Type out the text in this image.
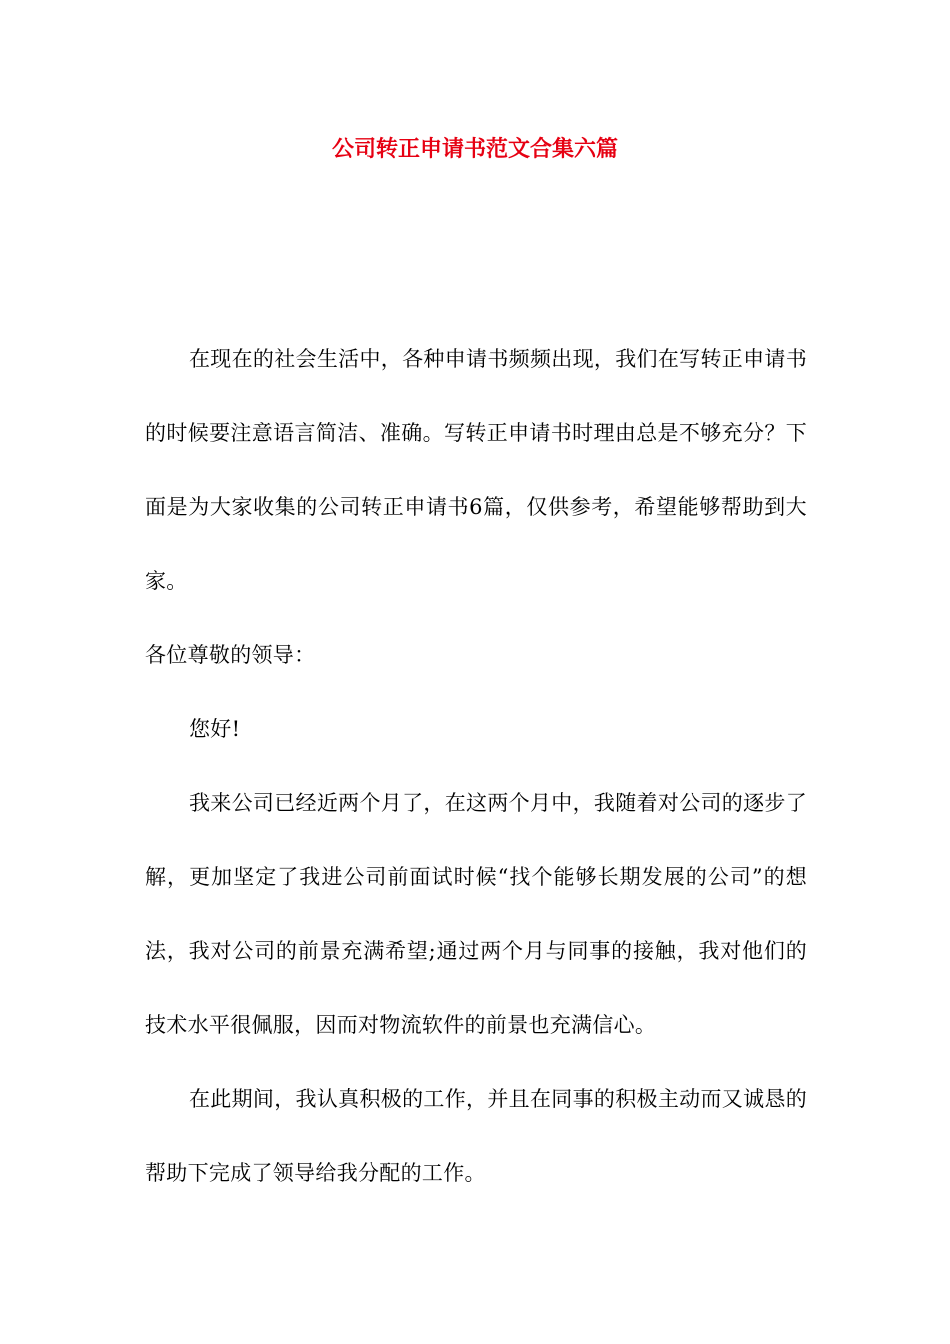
公司转正申请书范文合集六篇

在现在的社会生活中，各种申请书频频出现，我们在写转正申请书的时候要注意语言简洁、准确。写转正申请书时理由总是不够充分？下面是为大家收集的公司转正申请书6篇，仅供参考，希望能够帮助到大家。

各位尊敬的领导：

您好!

我来公司已经近两个月了，在这两个月中，我随着对公司的逐步了解，更加坚定了我进公司前面试时候“找个能够长期发展的公司”的想法，我对公司的前景充满希望;通过两个月与同事的接触，我对他们的技术水平很佩服，因而对物流软件的前景也充满信心。

在此期间，我认真积极的工作，并且在同事的积极主动而又诚恳的帮助下完成了领导给我分配的工作。
